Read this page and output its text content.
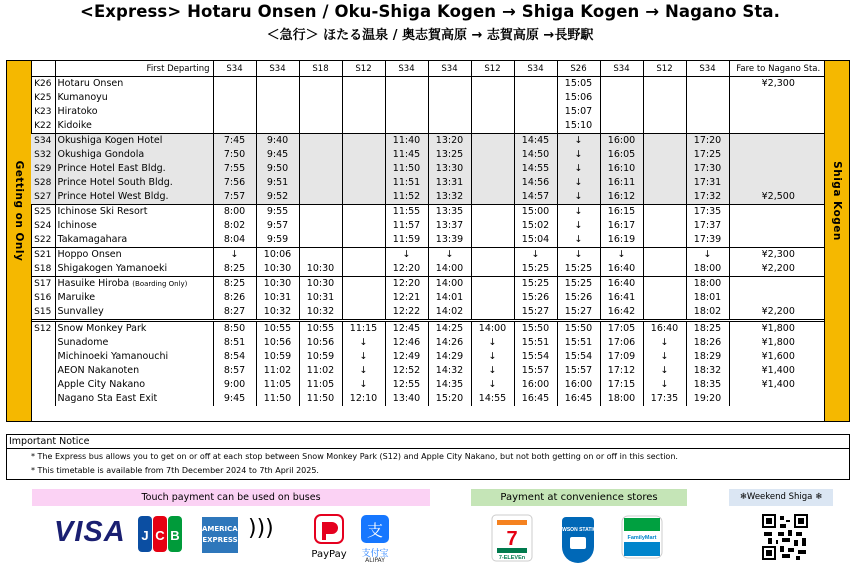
<Express> Hotaru Onsen / Oku-Shiga Kogen → Shiga Kogen → Nagano Sta.
＜急行＞ ほたる温泉 / 奥志賀高原 → 志賀高原 →長野駅
Getting on Only
	First Departing	S34	S34	S18	S12	S34	S34	S12	S34	S26	S34	S12	S34	Fare to Nagano Sta.
K26	Hotaru Onsen									15:05				¥2,300
K25	Kumanoyu									15:06				
K23	Hiratoko									15:07				
K22	Kidoike									15:10				
S34	Okushiga Kogen Hotel	7:45	9:40			11:40	13:20		14:45	↓	16:00		17:20	
S32	Okushiga Gondola	7:50	9:45			11:45	13:25		14:50	↓	16:05		17:25	
S29	Prince Hotel East Bldg.	7:55	9:50			11:50	13:30		14:55	↓	16:10		17:30	
S28	Prince Hotel South Bldg.	7:56	9:51			11:51	13:31		14:56	↓	16:11		17:31	
S27	Prince Hotel West Bldg.	7:57	9:52			11:52	13:32		14:57	↓	16:12		17:32	¥2,500
S25	Ichinose Ski Resort	8:00	9:55			11:55	13:35		15:00	↓	16:15		17:35	
S24	Ichinose	8:02	9:57			11:57	13:37		15:02	↓	16:17		17:37	
S22	Takamagahara	8:04	9:59			11:59	13:39		15:04	↓	16:19		17:39	
S21	Hoppo Onsen	↓	10:06			↓	↓		↓	↓	↓		↓	¥2,300
S18	Shigakogen Yamanoeki	8:25	10:30	10:30		12:20	14:00		15:25	15:25	16:40		18:00	¥2,200
S17	Hasuike Hiroba (Boarding Only)	8:25	10:30	10:30		12:20	14:00		15:25	15:25	16:40		18:00	
S16	Maruike	8:26	10:31	10:31		12:21	14:01		15:26	15:26	16:41		18:01	
S15	Sunvalley	8:27	10:32	10:32		12:22	14:02		15:27	15:27	16:42		18:02	¥2,200
S12	Snow Monkey Park	8:50	10:55	10:55	11:15	12:45	14:25	14:00	15:50	15:50	17:05	16:40	18:25	¥1,800
	Sunadome	8:51	10:56	10:56	↓	12:46	14:26	↓	15:51	15:51	17:06	↓	18:26	¥1,800
	Michinoeki Yamanouchi	8:54	10:59	10:59	↓	12:49	14:29	↓	15:54	15:54	17:09	↓	18:29	¥1,600
	AEON Nakanoten	8:57	11:02	11:02	↓	12:52	14:32	↓	15:57	15:57	17:12	↓	18:32	¥1,400
	Apple City Nakano	9:00	11:05	11:05	↓	12:55	14:35	↓	16:00	16:00	17:15	↓	18:35	¥1,400
	Nagano Sta East Exit	9:45	11:50	11:50	12:10	13:40	15:20	14:55	16:45	16:45	18:00	17:35	19:20	
Shiga Kogen
Important Notice
* The Express bus allows you to get on or off at each stop between Snow Monkey Park (S12) and Apple City Nakano, but not both getting on or off in this section.
* This timetable is available from 7th December 2024 to 7th April 2025.
Touch payment can be used on buses	Payment at convenience stores	❄Weekend Shiga ❄
VISA J C B	AMERICAN EXPRESS )))
PayPay
支
支付宝
ALIPAY
7
7-ELEVEn
LAWSON STATION
FamilyMart
